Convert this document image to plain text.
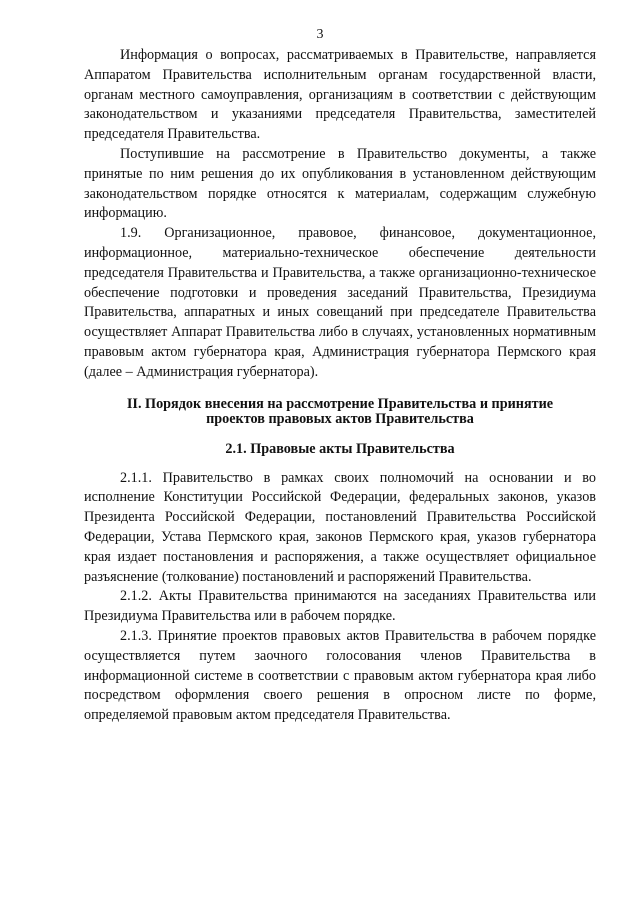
3

Информация о вопросах, рассматриваемых в Правительстве, направляется Аппаратом Правительства исполнительным органам государственной власти, органам местного самоуправления, организациям в соответствии с действующим законодательством и указаниями председателя Правительства, заместителей председателя Правительства.

Поступившие на рассмотрение в Правительство документы, а также принятые по ним решения до их опубликования в установленном действующим законодательством порядке относятся к материалам, содержащим служебную информацию.

1.9. Организационное, правовое, финансовое, документационное, информационное, материально-техническое обеспечение деятельности председателя Правительства и Правительства, а также организационно-техническое обеспечение подготовки и проведения заседаний Правительства, Президиума Правительства, аппаратных и иных совещаний при председателе Правительства осуществляет Аппарат Правительства либо в случаях, установленных нормативным правовым актом губернатора края, Администрация губернатора Пермского края (далее – Администрация губернатора).

II. Порядок внесения на рассмотрение Правительства и принятие
проектов правовых актов Правительства
2.1. Правовые акты Правительства

2.1.1. Правительство в рамках своих полномочий на основании и во исполнение Конституции Российской Федерации, федеральных законов, указов Президента Российской Федерации, постановлений Правительства Российской Федерации, Устава Пермского края, законов Пермского края, указов губернатора края издает постановления и распоряжения, а также осуществляет официальное разъяснение (толкование) постановлений и распоряжений Правительства.

2.1.2. Акты Правительства принимаются на заседаниях Правительства или Президиума Правительства или в рабочем порядке.

2.1.3. Принятие проектов правовых актов Правительства в рабочем порядке осуществляется путем заочного голосования членов Правительства в информационной системе в соответствии с правовым актом губернатора края либо посредством оформления своего решения в опросном листе по форме, определяемой правовым актом председателя Правительства.
